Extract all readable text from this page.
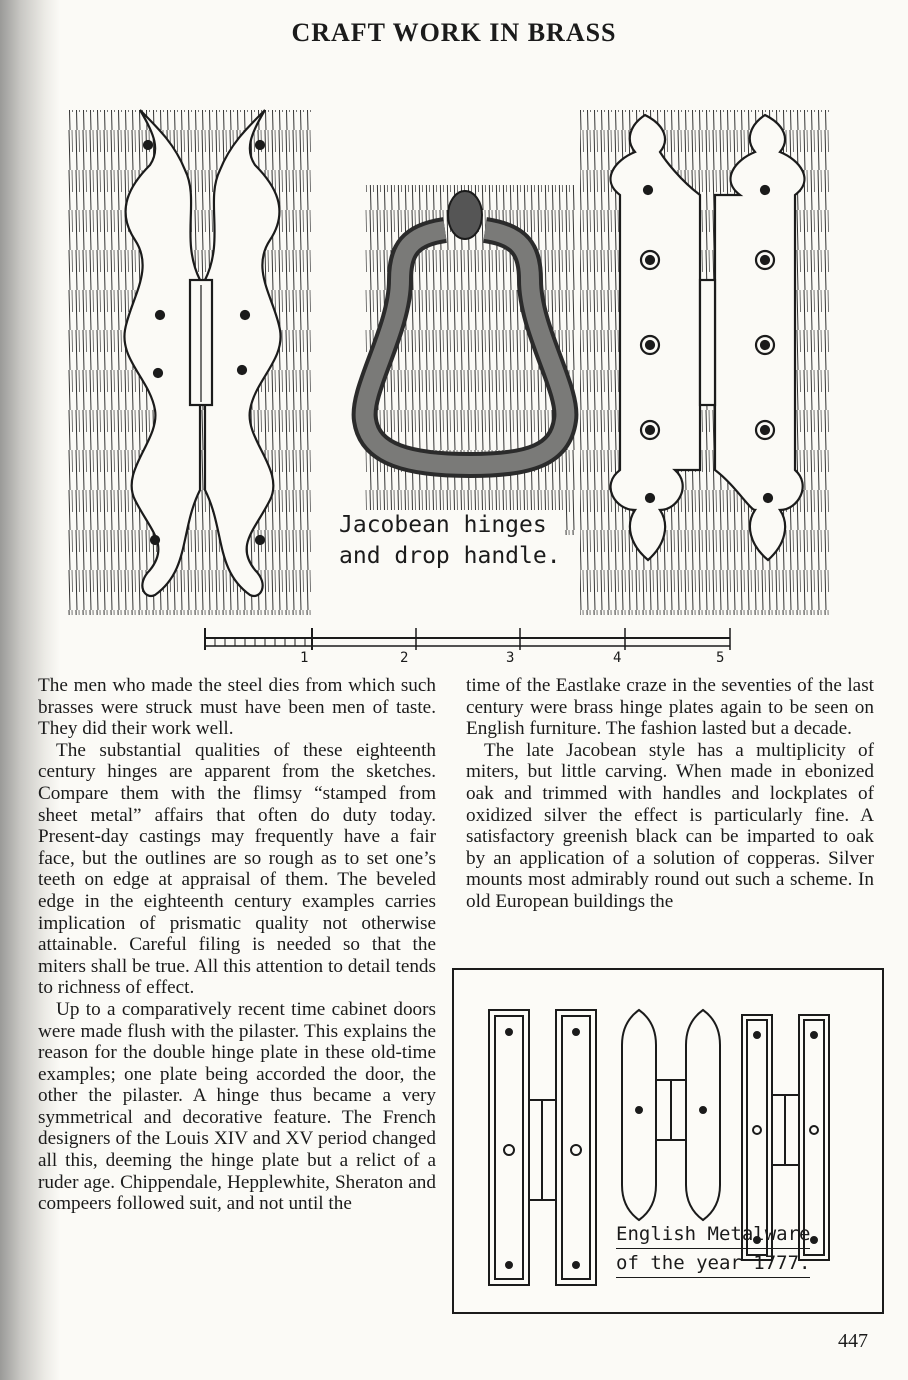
CRAFT WORK IN BRASS
1	2	3	4	5
Jacobean hinges
and drop handle.

The men who made the steel dies from which such brasses were struck must have been men of taste. They did their work well.

The substantial qualities of these eighteenth century hinges are apparent from the sketches. Compare them with the flimsy “stamped from sheet metal” affairs that often do duty today. Present-day castings may frequently have a fair face, but the outlines are so rough as to set one’s teeth on edge at appraisal of them. The beveled edge in the eighteenth century examples carries implication of prismatic quality not otherwise attainable. Careful filing is needed so that the miters shall be true. All this attention to detail tends to richness of effect.

Up to a comparatively recent time cabinet doors were made flush with the pilaster. This explains the reason for the double hinge plate in these old-time examples; one plate being accorded the door, the other the pilaster. A hinge thus became a very symmetrical and decorative feature. The French designers of the Louis XIV and XV period changed all this, deeming the hinge plate but a relict of a ruder age. Chippendale, Hepplewhite, Sheraton and compeers followed suit, and not until the

time of the Eastlake craze in the seventies of the last century were brass hinge plates again to be seen on English furniture. The fashion lasted but a decade.

The late Jacobean style has a multiplicity of miters, but little carving. When made in ebonized oak and trimmed with handles and lockplates of oxidized silver the effect is particularly fine. A satisfactory greenish black can be imparted to oak by an application of a solution of copperas. Silver mounts most admirably round out such a scheme. In old European buildings the

English Metalware
of the year 1777.
447
